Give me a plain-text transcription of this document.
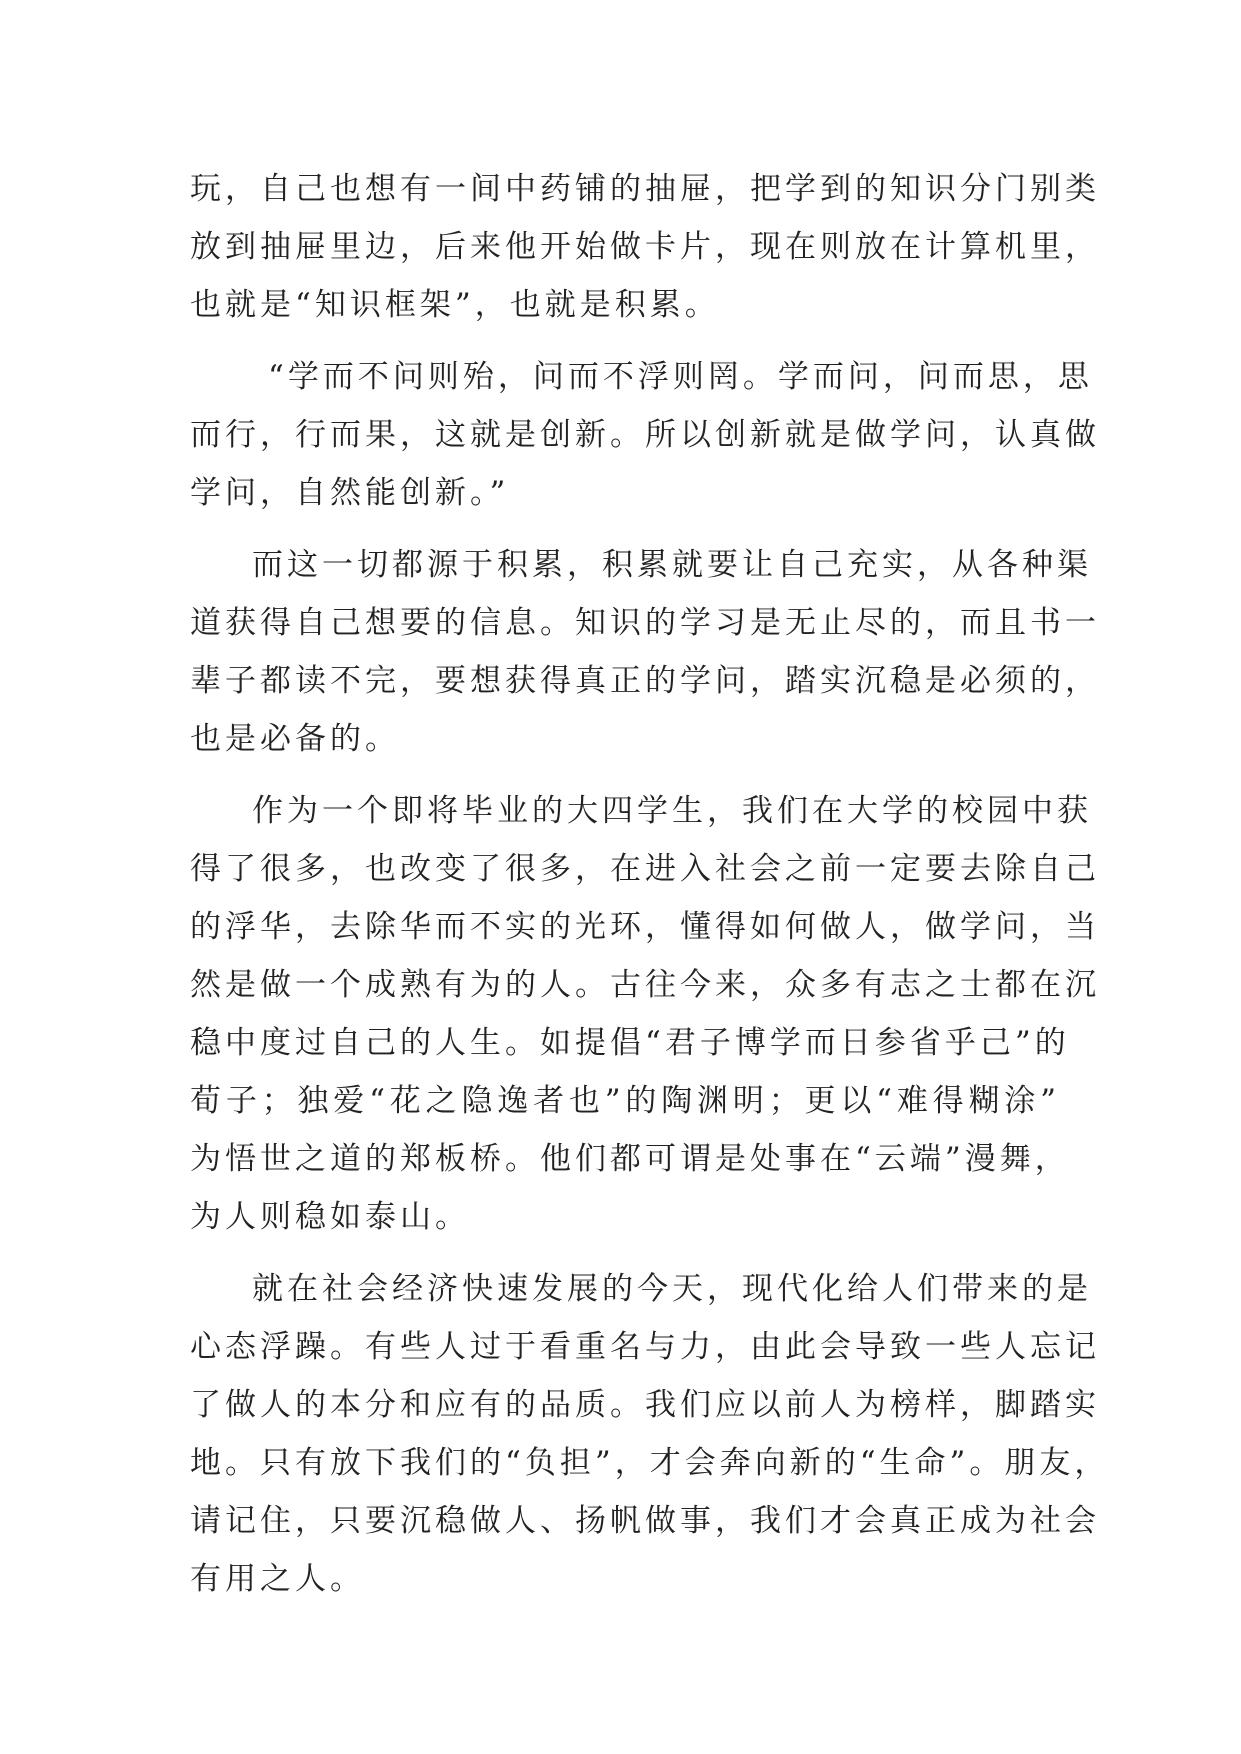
玩，自己也想有一间中药铺的抽屉，把学到的知识分门别类
放到抽屉里边，后来他开始做卡片，现在则放在计算机里，
也就是“知识框架”，也就是积累。
“学而不问则殆，问而不浮则罔。学而问，问而思，思
而行，行而果，这就是创新。所以创新就是做学问，认真做
学问，自然能创新。”
而这一切都源于积累，积累就要让自己充实，从各种渠
道获得自己想要的信息。知识的学习是无止尽的，而且书一
辈子都读不完，要想获得真正的学问，踏实沉稳是必须的，
也是必备的。
作为一个即将毕业的大四学生，我们在大学的校园中获
得了很多，也改变了很多，在进入社会之前一定要去除自己
的浮华，去除华而不实的光环，懂得如何做人，做学问，当
然是做一个成熟有为的人。古往今来，众多有志之士都在沉
稳中度过自己的人生。如提倡“君子博学而日参省乎己”的
荀子；独爱“花之隐逸者也”的陶渊明；更以“难得糊涂”
为悟世之道的郑板桥。他们都可谓是处事在“云端”漫舞，
为人则稳如泰山。
就在社会经济快速发展的今天，现代化给人们带来的是
心态浮躁。有些人过于看重名与力，由此会导致一些人忘记
了做人的本分和应有的品质。我们应以前人为榜样，脚踏实
地。只有放下我们的“负担”，才会奔向新的“生命”。朋友，
请记住，只要沉稳做人、扬帆做事，我们才会真正成为社会
有用之人。
